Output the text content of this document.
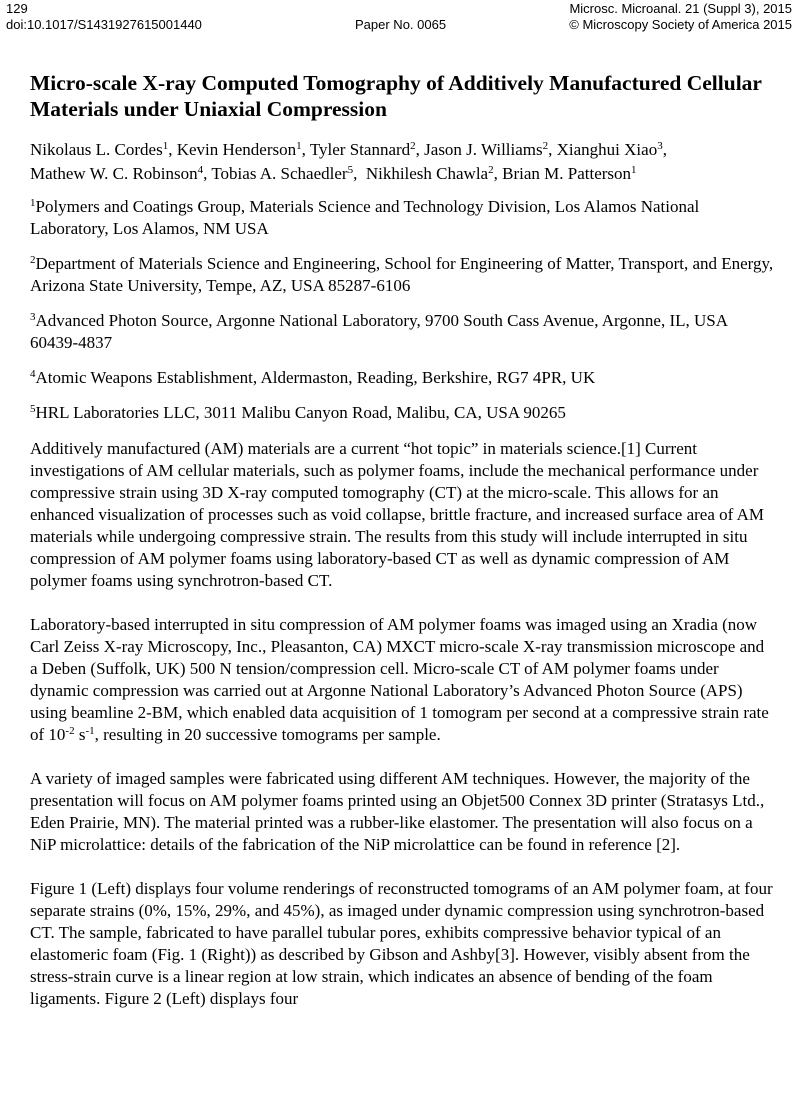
129
doi:10.1017/S1431927615001440	Paper No. 0065
Microsc. Microanal. 21 (Suppl 3), 2015
© Microscopy Society of America 2015
Micro-scale X-ray Computed Tomography of Additively Manufactured Cellular Materials under Uniaxial Compression
Nikolaus L. Cordes$^1$, Kevin Henderson$^1$, Tyler Stannard$^2$, Jason J. Williams$^2$, Xianghui Xiao$^3$,
Mathew W. C. Robinson$^4$, Tobias A. Schaedler$^5$,  Nikhilesh Chawla$^2$, Brian M. Patterson$^1$
$^1$Polymers and Coatings Group, Materials Science and Technology Division, Los Alamos National Laboratory, Los Alamos, NM USA
$^2$Department of Materials Science and Engineering, School for Engineering of Matter, Transport, and Energy, Arizona State University, Tempe, AZ, USA 85287-6106
$^3$Advanced Photon Source, Argonne National Laboratory, 9700 South Cass Avenue, Argonne, IL, USA 60439-4837
$^4$Atomic Weapons Establishment, Aldermaston, Reading, Berkshire, RG7 4PR, UK
$^5$HRL Laboratories LLC, 3011 Malibu Canyon Road, Malibu, CA, USA 90265
Additively manufactured (AM) materials are a current “hot topic” in materials science.[1] Current investigations of AM cellular materials, such as polymer foams, include the mechanical performance under compressive strain using 3D X-ray computed tomography (CT) at the micro-scale. This allows for an enhanced visualization of processes such as void collapse, brittle fracture, and increased surface area of AM materials while undergoing compressive strain. The results from this study will include interrupted in situ compression of AM polymer foams using laboratory-based CT as well as dynamic compression of AM polymer foams using synchrotron-based CT.
Laboratory-based interrupted in situ compression of AM polymer foams was imaged using an Xradia (now Carl Zeiss X-ray Microscopy, Inc., Pleasanton, CA) MXCT micro-scale X-ray transmission microscope and a Deben (Suffolk, UK) 500 N tension/compression cell. Micro-scale CT of AM polymer foams under dynamic compression was carried out at Argonne National Laboratory’s Advanced Photon Source (APS) using beamline 2-BM, which enabled data acquisition of 1 tomogram per second at a compressive strain rate of $10^{-2}$ $s^{-1}$, resulting in 20 successive tomograms per sample.
A variety of imaged samples were fabricated using different AM techniques. However, the majority of the presentation will focus on AM polymer foams printed using an Objet500 Connex 3D printer (Stratasys Ltd., Eden Prairie, MN). The material printed was a rubber-like elastomer. The presentation will also focus on a NiP microlattice: details of the fabrication of the NiP microlattice can be found in reference [2].
Figure 1 (Left) displays four volume renderings of reconstructed tomograms of an AM polymer foam, at four separate strains (0%, 15%, 29%, and 45%), as imaged under dynamic compression using synchrotron-based CT. The sample, fabricated to have parallel tubular pores, exhibits compressive behavior typical of an elastomeric foam (Fig. 1 (Right)) as described by Gibson and Ashby[3]. However, visibly absent from the stress-strain curve is a linear region at low strain, which indicates an absence of bending of the foam ligaments. Figure 2 (Left) displays four
